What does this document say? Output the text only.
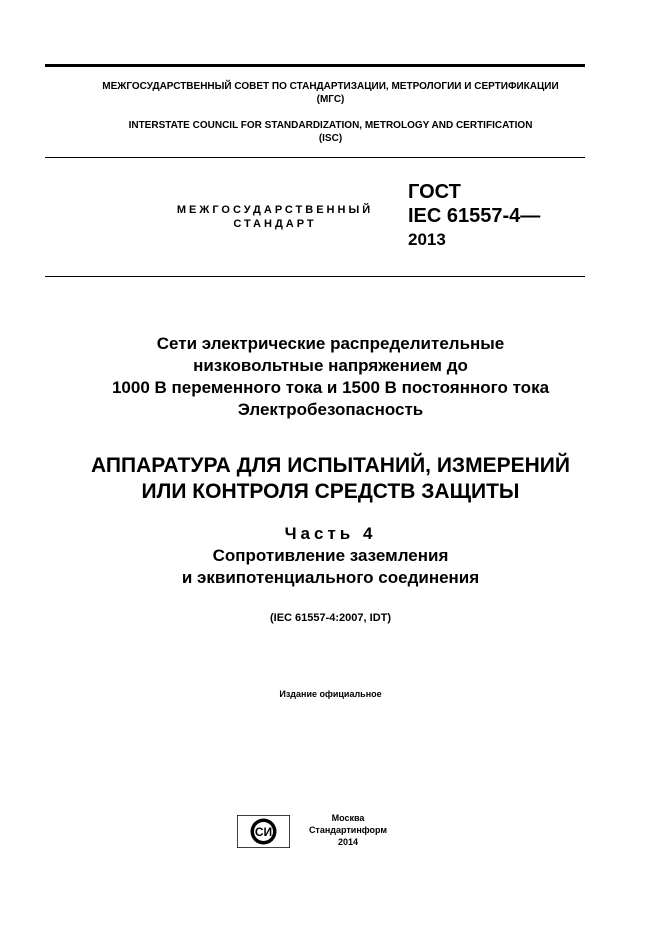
МЕЖГОСУДАРСТВЕННЫЙ СОВЕТ ПО СТАНДАРТИЗАЦИИ, МЕТРОЛОГИИ И СЕРТИФИКАЦИИ
(МГС)
INTERSTATE COUNCIL FOR STANDARDIZATION, METROLOGY AND CERTIFICATION
(ISC)
МЕЖГОСУДАРСТВЕННЫЙ
СТАНДАРТ
ГОСТ
IEC 61557-4—
2013
Сети электрические распределительные
низковольтные напряжением до
1000 В переменного тока и 1500 В постоянного тока
Электробезопасность
АППАРАТУРА ДЛЯ ИСПЫТАНИЙ, ИЗМЕРЕНИЙ
ИЛИ КОНТРОЛЯ СРЕДСТВ ЗАЩИТЫ
Часть 4
Сопротивление заземления
и эквипотенциального соединения
(IEC 61557-4:2007, IDT)
Издание официальное
СИ
Москва
Стандартинформ
2014
